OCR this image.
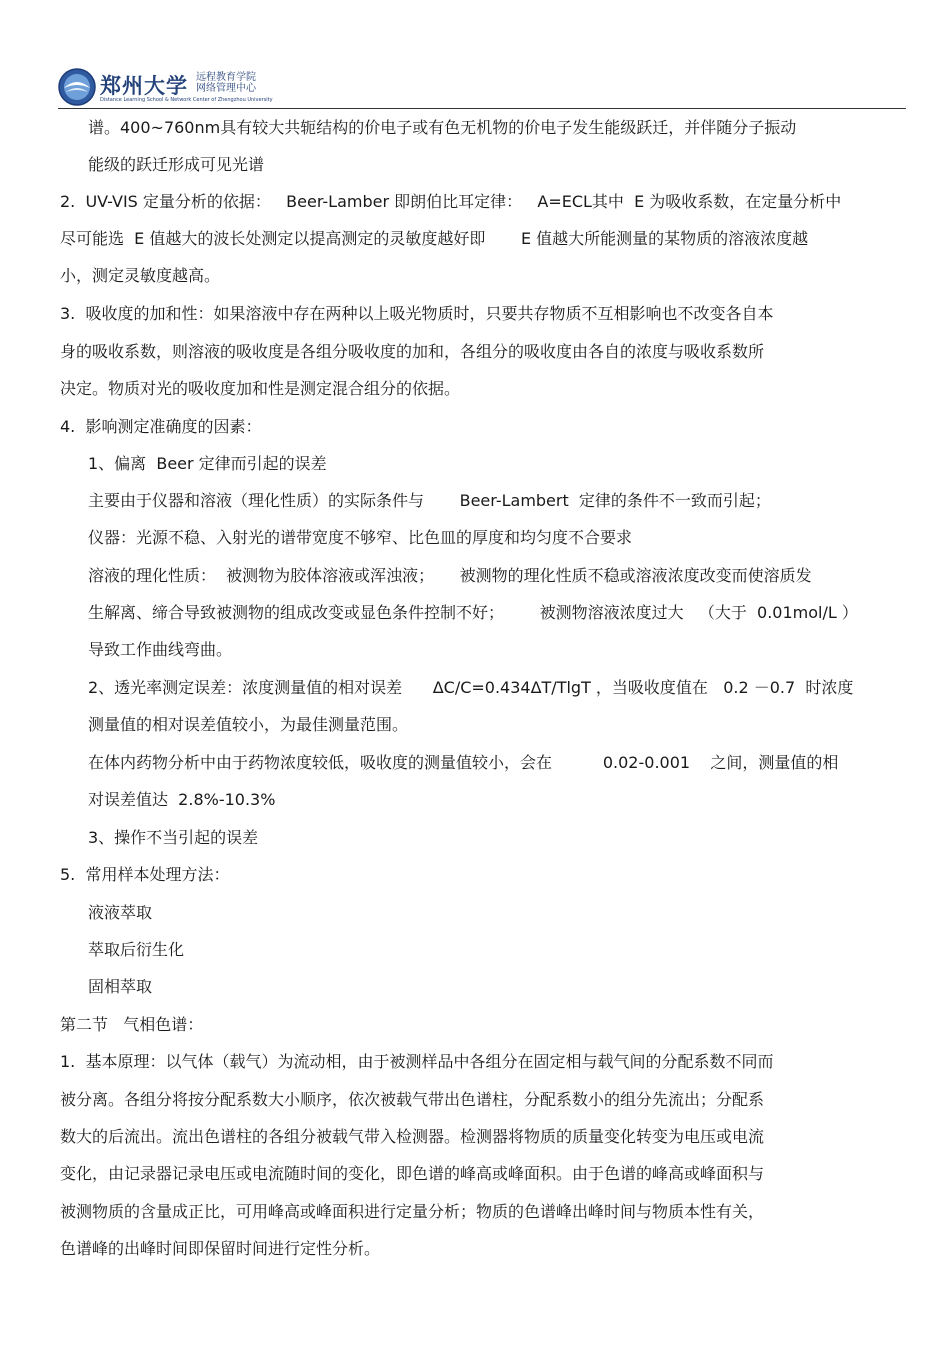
郑州大学 远程教育学院
网络管理中心
Distance Learning School & Network Center of Zhengzhou University
谱。400~760nm具有较大共轭结构的价电子或有色无机物的价电子发生能级跃迁，并伴随分子振动
能级的跃迁形成可见光谱
2.  UV-VIS 定量分析的依据：   Beer-Lamber 即朗伯比耳定律：   A=ECL其中  E 为吸收系数，在定量分析中
尽可能选  E 值越大的波长处测定以提高测定的灵敏度越好即       E 值越大所能测量的某物质的溶液浓度越
小，测定灵敏度越高。
3.  吸收度的加和性：如果溶液中存在两种以上吸光物质时，只要共存物质不互相影响也不改变各自本
身的吸收系数，则溶液的吸收度是各组分吸收度的加和，各组分的吸收度由各自的浓度与吸收系数所
决定。物质对光的吸收度加和性是测定混合组分的依据。
4.  影响测定准确度的因素：
1、偏离  Beer 定律而引起的误差
主要由于仪器和溶液（理化性质）的实际条件与       Beer-Lambert  定律的条件不一致而引起；
仪器：光源不稳、入射光的谱带宽度不够窄、比色皿的厚度和均匀度不合要求
溶液的理化性质：  被测物为胶体溶液或浑浊液；     被测物的理化性质不稳或溶液浓度改变而使溶质发
生解离、缔合导致被测物的组成改变或显色条件控制不好；       被测物溶液浓度过大   （大于  0.01mol/L ）
导致工作曲线弯曲。
2、透光率测定误差：浓度测量值的相对误差      ΔC/C=0.434ΔT/TlgT ，当吸收度值在   0.2 －0.7  时浓度
测量值的相对误差值较小，为最佳测量范围。
在体内药物分析中由于药物浓度较低，吸收度的测量值较小，会在          0.02-0.001    之间，测量值的相
对误差值达  2.8%-10.3%
3、操作不当引起的误差
5.  常用样本处理方法：
液液萃取
萃取后衍生化
固相萃取
第二节   气相色谱：
1.  基本原理：以气体（载气）为流动相，由于被测样品中各组分在固定相与载气间的分配系数不同而
被分离。各组分将按分配系数大小顺序，依次被载气带出色谱柱，分配系数小的组分先流出；分配系
数大的后流出。流出色谱柱的各组分被载气带入检测器。检测器将物质的质量变化转变为电压或电流
变化，由记录器记录电压或电流随时间的变化，即色谱的峰高或峰面积。由于色谱的峰高或峰面积与
被测物质的含量成正比，可用峰高或峰面积进行定量分析；物质的色谱峰出峰时间与物质本性有关，
色谱峰的出峰时间即保留时间进行定性分析。
